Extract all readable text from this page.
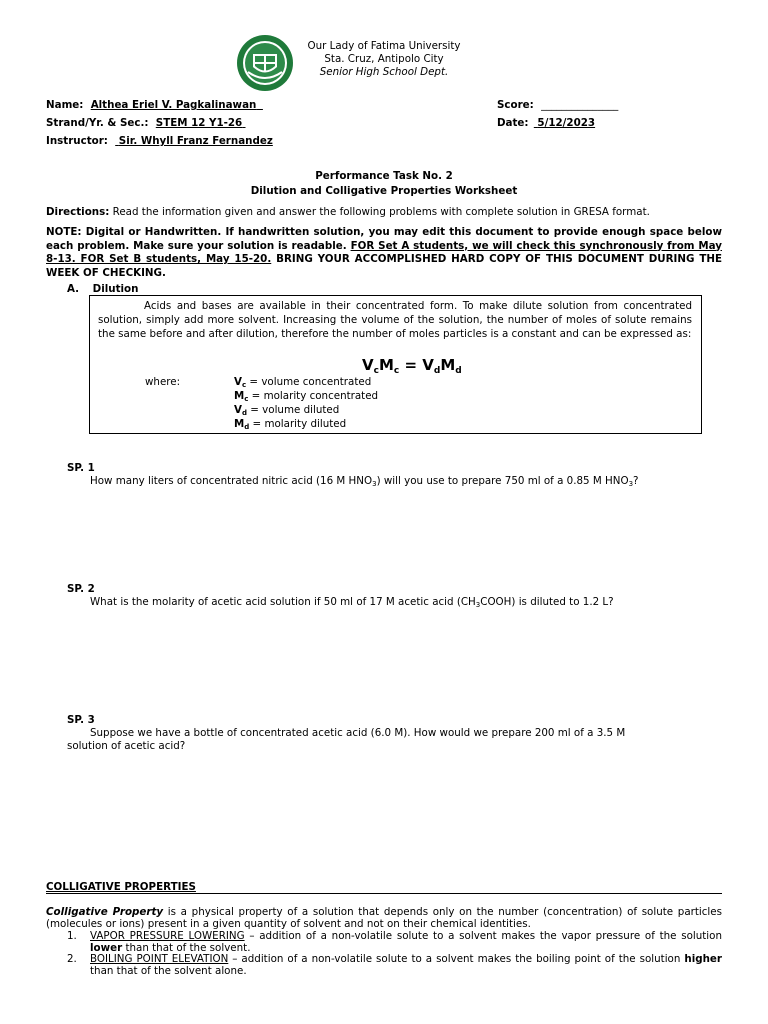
Our Lady of Fatima University
Sta. Cruz, Antipolo City
Senior High School Dept.
Name: Althea Eriel V. Pagkalinawan
Strand/Yr. & Sec.: STEM 12 Y1-26
Instructor: Sir. Whyll Franz Fernandez
Score: _______________
Date: 5/12/2023
Performance Task No. 2
Dilution and Colligative Properties Worksheet
Directions: Read the information given and answer the following problems with complete solution in GRESA format.
NOTE: Digital or Handwritten. If handwritten solution, you may edit this document to provide enough space below each problem. Make sure your solution is readable. FOR Set A students, we will check this synchronously from May 8-13. FOR Set B students, May 15-20. BRING YOUR ACCOMPLISHED HARD COPY OF THIS DOCUMENT DURING THE WEEK OF CHECKING.
A. Dilution
Acids and bases are available in their concentrated form. To make dilute solution from concentrated solution, simply add more solvent. Increasing the volume of the solution, the number of moles of solute remains the same before and after dilution, therefore the number of moles particles is a constant and can be expressed as:
$V_cM_c = V_dM_d$
where:	$V_c$ = volume concentrated
$M_c$ = molarity concentrated
$V_d$ = volume diluted
$M_d$ = molarity diluted
SP. 1
How many liters of concentrated nitric acid (16 M $HNO_3$) will you use to prepare 750 ml of a 0.85 M $HNO_3$?
SP. 2
What is the molarity of acetic acid solution if 50 ml of 17 M acetic acid $(CH_3COOH)$ is diluted to 1.2 L?
SP. 3
Suppose we have a bottle of concentrated acetic acid (6.0 M). How would we prepare 200 ml of a 3.5 M
solution of acetic acid?
COLLIGATIVE PROPERTIES
Colligative Property is a physical property of a solution that depends only on the number (concentration) of solute particles (molecules or ions) present in a given quantity of solvent and not on their chemical identities.
1. VAPOR PRESSURE LOWERING – addition of a non-volatile solute to a solvent makes the vapor pressure of the solution lower than that of the solvent.
2. BOILING POINT ELEVATION – addition of a non-volatile solute to a solvent makes the boiling point of the solution higher than that of the solvent alone.
